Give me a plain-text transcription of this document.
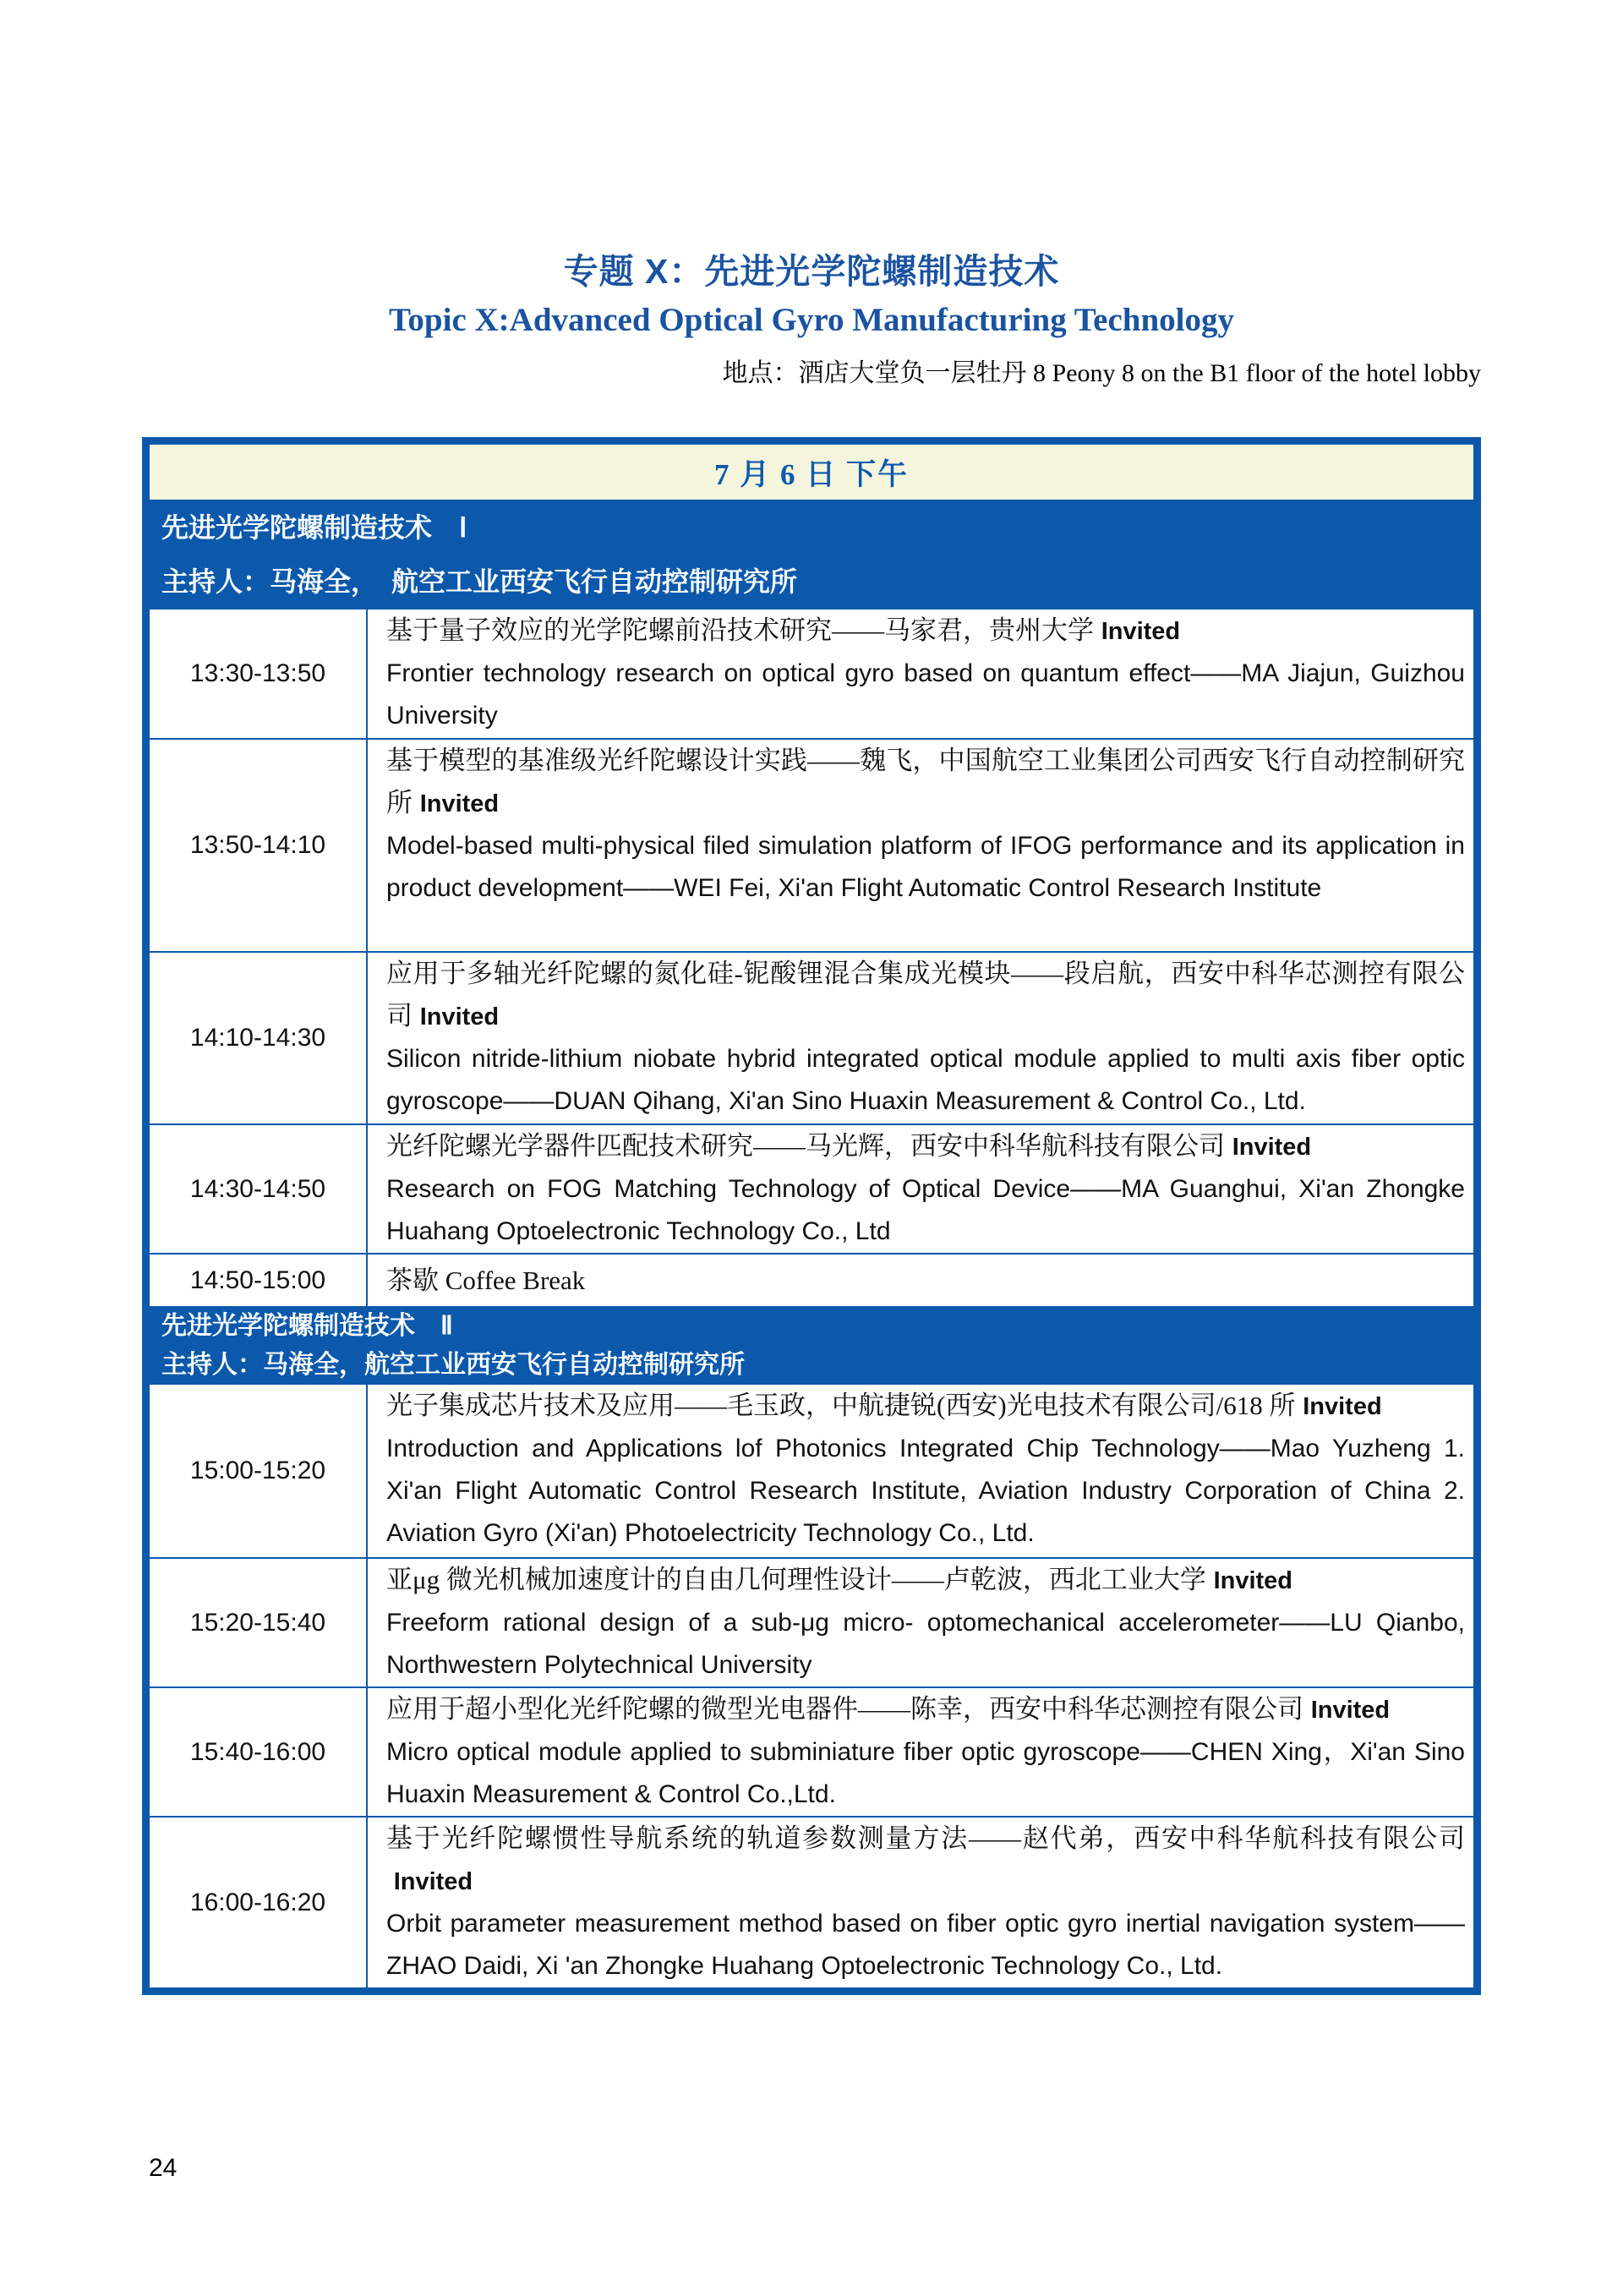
专题 X：先进光学陀螺制造技术
Topic X:Advanced Optical Gyro Manufacturing Technology
地点：酒店大堂负一层牡丹 8 Peony 8 on the B1 floor of the hotel lobby
7 月 6 日 下午

先进光学陀螺制造技术　Ⅰ

主持人：马海全，　航空工业西安飞行自动控制研究所

13:30-13:50

基于量子效应的光学陀螺前沿技术研究——马家君，贵州大学 Invited

Frontier technology research on optical gyro based on quantum effect——MA Jiajun, Guizhou University

13:50-14:10

基于模型的基准级光纤陀螺设计实践——魏飞，中国航空工业集团公司西安飞行自动控制研究所 Invited

Model-based multi-physical filed simulation platform of IFOG performance and its application in product development——WEI Fei, Xi'an Flight Automatic Control Research Institute

14:10-14:30

应用于多轴光纤陀螺的氮化硅-铌酸锂混合集成光模块——段启航，西安中科华芯测控有限公司 Invited

Silicon nitride-lithium niobate hybrid integrated optical module applied to multi axis fiber optic gyroscope——DUAN Qihang, Xi'an Sino Huaxin Measurement & Control Co., Ltd.

14:30-14:50

光纤陀螺光学器件匹配技术研究——马光辉，西安中科华航科技有限公司 Invited

Research on FOG Matching Technology of Optical Device——MA Guanghui, Xi'an Zhongke Huahang Optoelectronic Technology Co., Ltd

14:50-15:00	茶歇 Coffee Break

先进光学陀螺制造技术　Ⅱ

主持人：马海全，航空工业西安飞行自动控制研究所

15:00-15:20

光子集成芯片技术及应用——毛玉政，中航捷锐(西安)光电技术有限公司/618 所 Invited

Introduction and Applications lof Photonics Integrated Chip Technology——Mao Yuzheng 1. Xi'an Flight Automatic Control Research Institute, Aviation Industry Corporation of China 2. Aviation Gyro (Xi'an) Photoelectricity Technology Co., Ltd.

15:20-15:40

亚μg 微光机械加速度计的自由几何理性设计——卢乾波，西北工业大学 Invited

Freeform rational design of a sub-μg micro- optomechanical accelerometer——LU Qianbo, Northwestern Polytechnical University

15:40-16:00

应用于超小型化光纤陀螺的微型光电器件——陈幸，西安中科华芯测控有限公司 Invited

Micro optical module applied to subminiature fiber optic gyroscope——CHEN Xing，Xi'an Sino Huaxin Measurement & Control Co.,Ltd.

16:00-16:20

基于光纤陀螺惯性导航系统的轨道参数测量方法——赵代弟，西安中科华航科技有限公司Invited

Orbit parameter measurement method based on fiber optic gyro inertial navigation system——ZHAO Daidi, Xi 'an Zhongke Huahang Optoelectronic Technology Co., Ltd.

24
